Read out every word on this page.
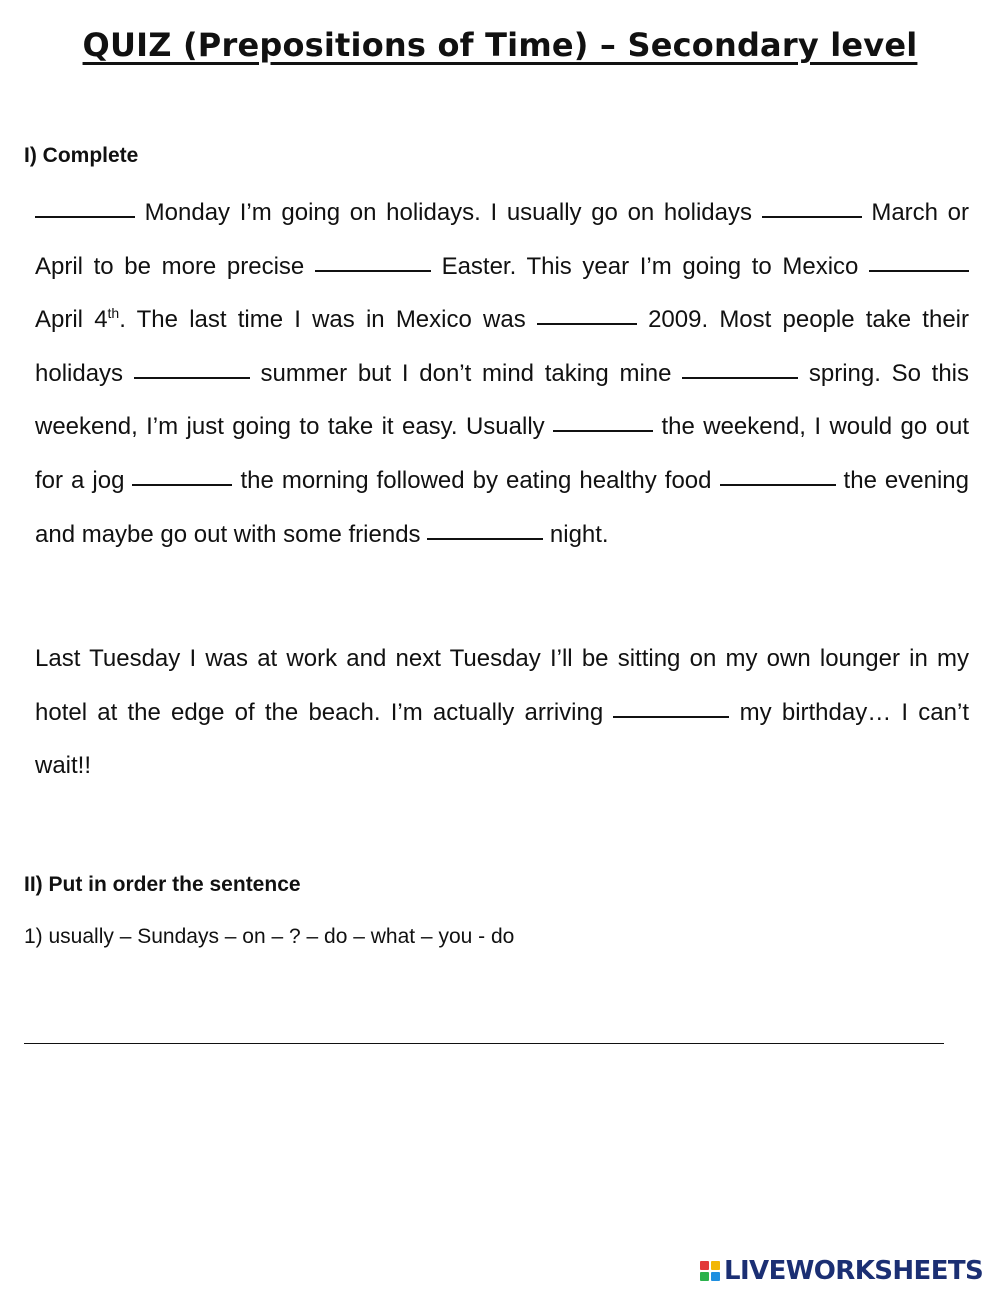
QUIZ (Prepositions of Time) – Secondary level
I) Complete

Monday I’m going on holidays. I usually go on holidays	March or April to be more precise	Easter. This year I’m going to Mexico  April 4th. The last time I was in Mexico was	2009. Most people take their holidays	summer but I don’t mind taking mine	spring. So this weekend, I’m just going to take it easy. Usually	the weekend, I would go out for a jog	the morning followed by eating healthy food	the evening and maybe go out with some friends	night.

Last Tuesday I was at work and next Tuesday I’ll be sitting on my own lounger in my hotel at the edge of the beach. I’m actually arriving	my birthday… I can’t wait!!

II) Put in order the sentence

1) usually – Sundays – on – ? – do – what – you - do

LIVEWORKSHEETS
